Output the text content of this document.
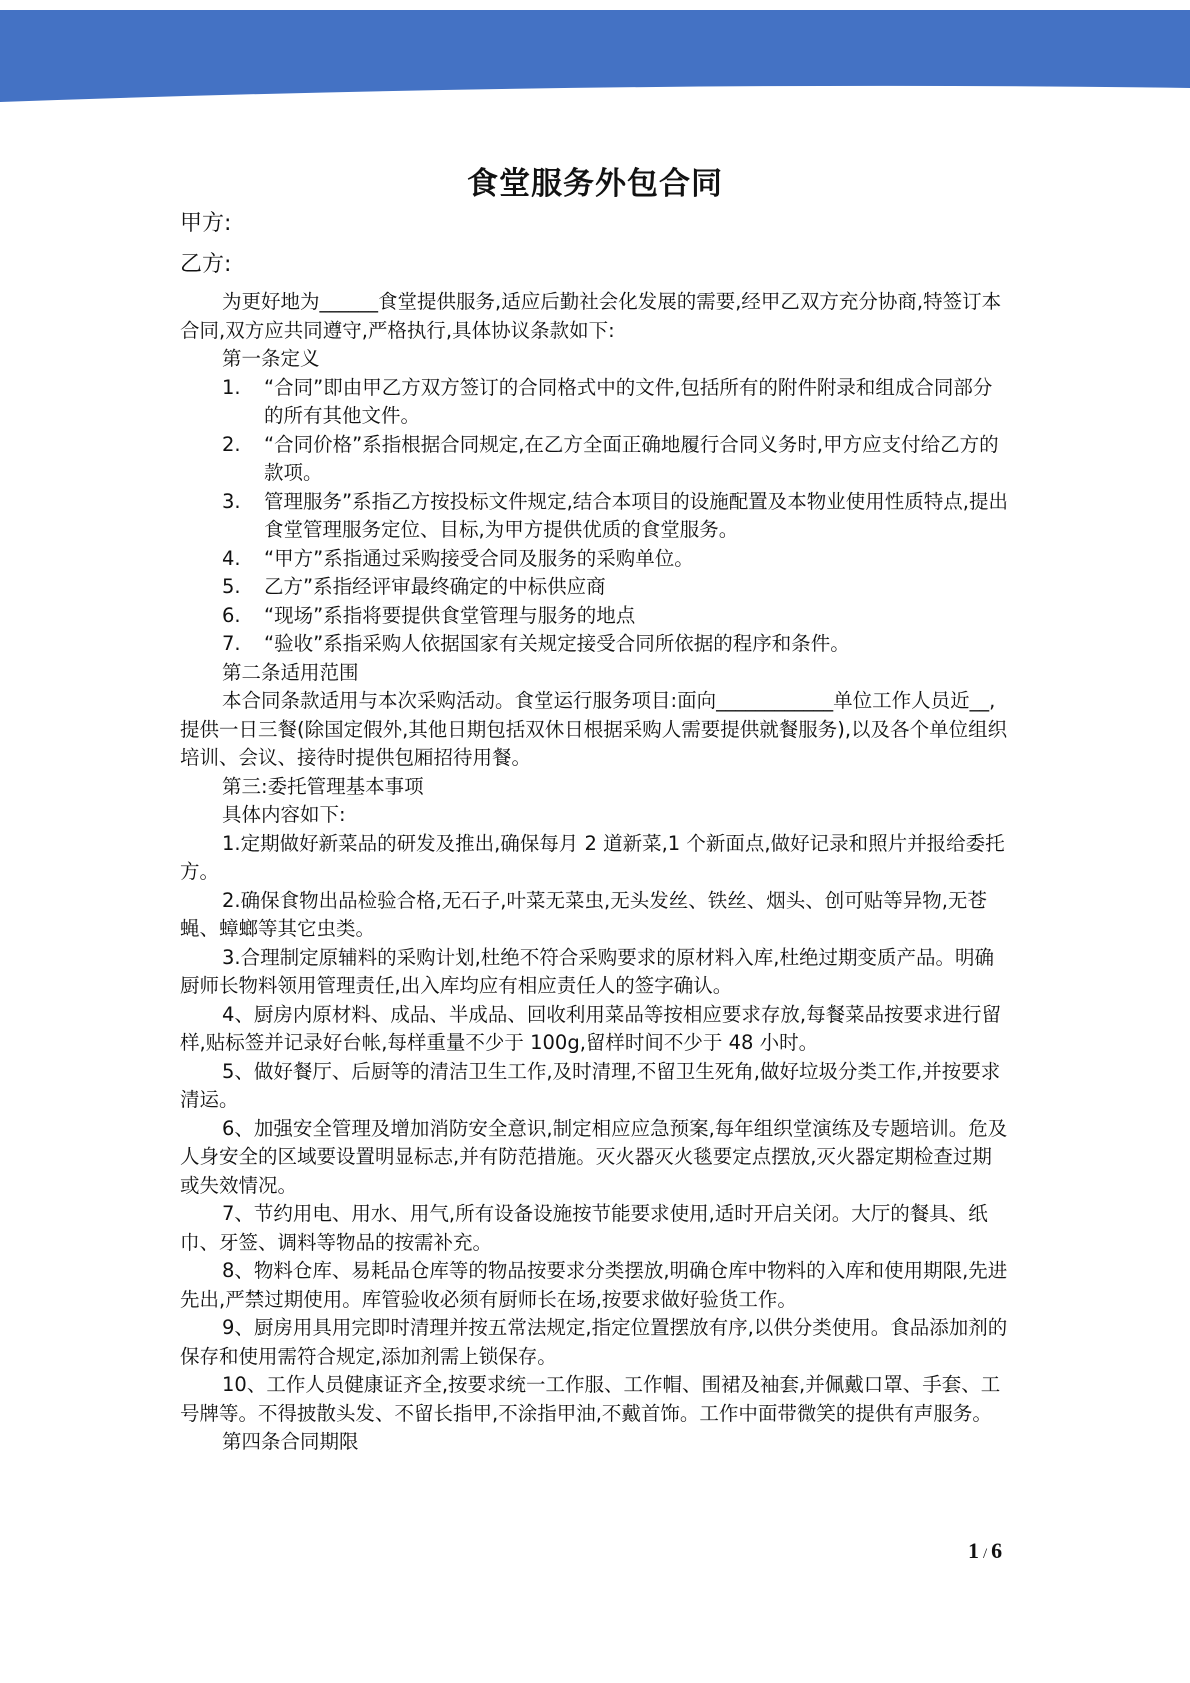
食堂服务外包合同
甲方:
乙方:

为更好地为______食堂提供服务,适应后勤社会化发展的需要,经甲乙双方充分协商,特签订本合同,双方应共同遵守,严格执行,具体协议条款如下:

第一条定义

1. “合同”即由甲乙方双方签订的合同格式中的文件,包括所有的附件附录和组成合同部分的所有其他文件。
2. “合同价格”系指根据合同规定,在乙方全面正确地履行合同义务时,甲方应支付给乙方的款项。
3. 管理服务”系指乙方按投标文件规定,结合本项目的设施配置及本物业使用性质特点,提出食堂管理服务定位、目标,为甲方提供优质的食堂服务。
4. “甲方”系指通过采购接受合同及服务的采购单位。
5. 乙方”系指经评审最终确定的中标供应商
6. “现场”系指将要提供食堂管理与服务的地点
7. “验收”系指采购人依据国家有关规定接受合同所依据的程序和条件。

第二条适用范围

本合同条款适用与本次采购活动。食堂运行服务项目:面向____________单位工作人员近__,提供一日三餐(除国定假外,其他日期包括双休日根据采购人需要提供就餐服务),以及各个单位组织培训、会议、接待时提供包厢招待用餐。

第三:委托管理基本事项

具体内容如下:

1.定期做好新菜品的研发及推出,确保每月 2 道新菜,1 个新面点,做好记录和照片并报给委托方。

2.确保食物出品检验合格,无石子,叶菜无菜虫,无头发丝、铁丝、烟头、创可贴等异物,无苍蝇、蟑螂等其它虫类。

3.合理制定原辅料的采购计划,杜绝不符合采购要求的原材料入库,杜绝过期变质产品。明确厨师长物料领用管理责任,出入库均应有相应责任人的签字确认。

4、厨房内原材料、成品、半成品、回收利用菜品等按相应要求存放,每餐菜品按要求进行留样,贴标签并记录好台帐,每样重量不少于 100g,留样时间不少于 48 小时。

5、做好餐厅、后厨等的清洁卫生工作,及时清理,不留卫生死角,做好垃圾分类工作,并按要求清运。

6、加强安全管理及增加消防安全意识,制定相应应急预案,每年组织堂演练及专题培训。危及人身安全的区域要设置明显标志,并有防范措施。灭火器灭火毯要定点摆放,灭火器定期检查过期或失效情况。

7、节约用电、用水、用气,所有设备设施按节能要求使用,适时开启关闭。大厅的餐具、纸巾、牙签、调料等物品的按需补充。

8、物料仓库、易耗品仓库等的物品按要求分类摆放,明确仓库中物料的入库和使用期限,先进先出,严禁过期使用。库管验收必须有厨师长在场,按要求做好验货工作。

9、厨房用具用完即时清理并按五常法规定,指定位置摆放有序,以供分类使用。食品添加剂的保存和使用需符合规定,添加剂需上锁保存。

10、工作人员健康证齐全,按要求统一工作服、工作帽、围裙及袖套,并佩戴口罩、手套、工号牌等。不得披散头发、不留长指甲,不涂指甲油,不戴首饰。工作中面带微笑的提供有声服务。

第四条合同期限

1 / 6
